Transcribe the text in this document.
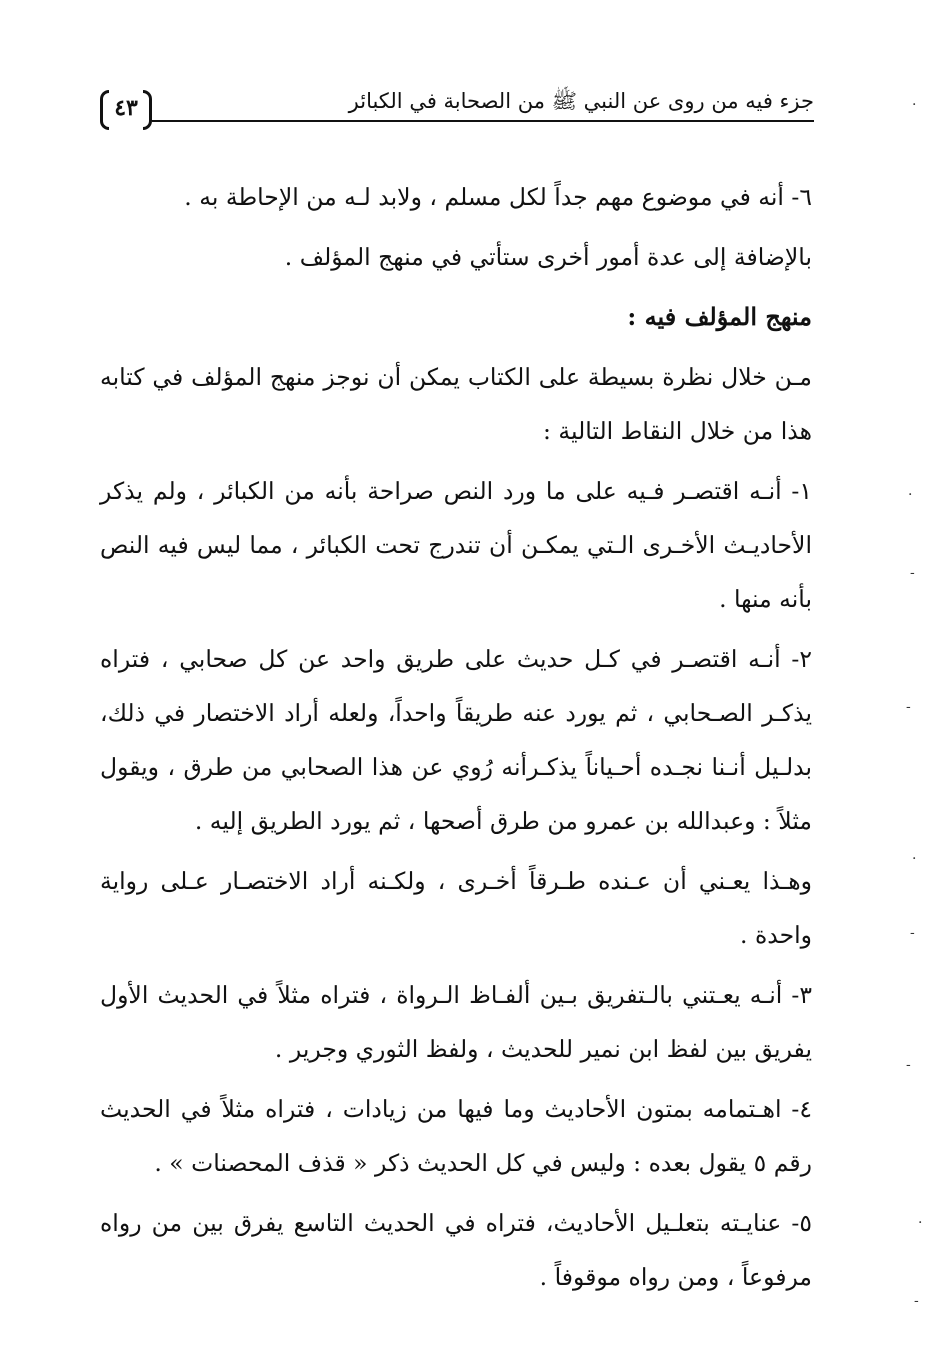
جزء فيه من روى عن النبي ﷺ من الصحابة في الكبائر
٤٣

٦- أنه في موضوع مهم جداً لكل مسلم ، ولابد لـه من الإحاطة به .

بالإضافة إلى عدة أمور أخرى ستأتي في منهج المؤلف .

منهج المؤلف فيه :

مـن خلال نظرة بسيطة على الكتاب يمكن أن نوجز منهج المؤلف في كتابه هذا من خلال النقاط التالية :

١- أنـه اقتصـر فـيه على ما ورد النص صراحة بأنه من الكبائر ، ولم يذكر الأحاديـث الأخـرى الـتي يمكـن أن تندرج تحت الكبائر ، مما ليس فيه النص بأنه منها .

٢- أنـه اقتصـر في كـل حديث على طريق واحد عن كل صحابي ، فتراه يذكـر الصـحابي ، ثم يورد عنه طريقاً واحداً، ولعله أراد الاختصار في ذلك، بدلـيل أنـنا نجـده أحـياناً يذكـرأنه رُوي عن هذا الصحابي من طرق ، ويقول مثلاً : وعبدالله بن عمرو من طرق أصحها ، ثم يورد الطريق إليه .

وهـذا يعـني أن عـنده طـرقاً أخـرى ، ولكـنه أراد الاختصـار عـلى رواية واحدة .

٣- أنـه يعـتني بالـتفريق بـين ألفـاظ الـرواة ، فتراه مثلاً في الحديث الأول يفريق بين لفظ ابن نمير للحديث ، ولفظ الثوري وجرير .

٤- اهـتمامه بمتون الأحاديث وما فيها من زيادات ، فتراه مثلاً في الحديث رقم ٥ يقول بعده : وليس في كل الحديث ذكر « قذف المحصنات » .

٥- عنايـته بتعلـيل الأحاديث، فتراه في الحديث التاسع يفرق بين من رواه مرفوعاً ، ومن رواه موقوفاً .

·
·
-
-
·
-
-
·
-
